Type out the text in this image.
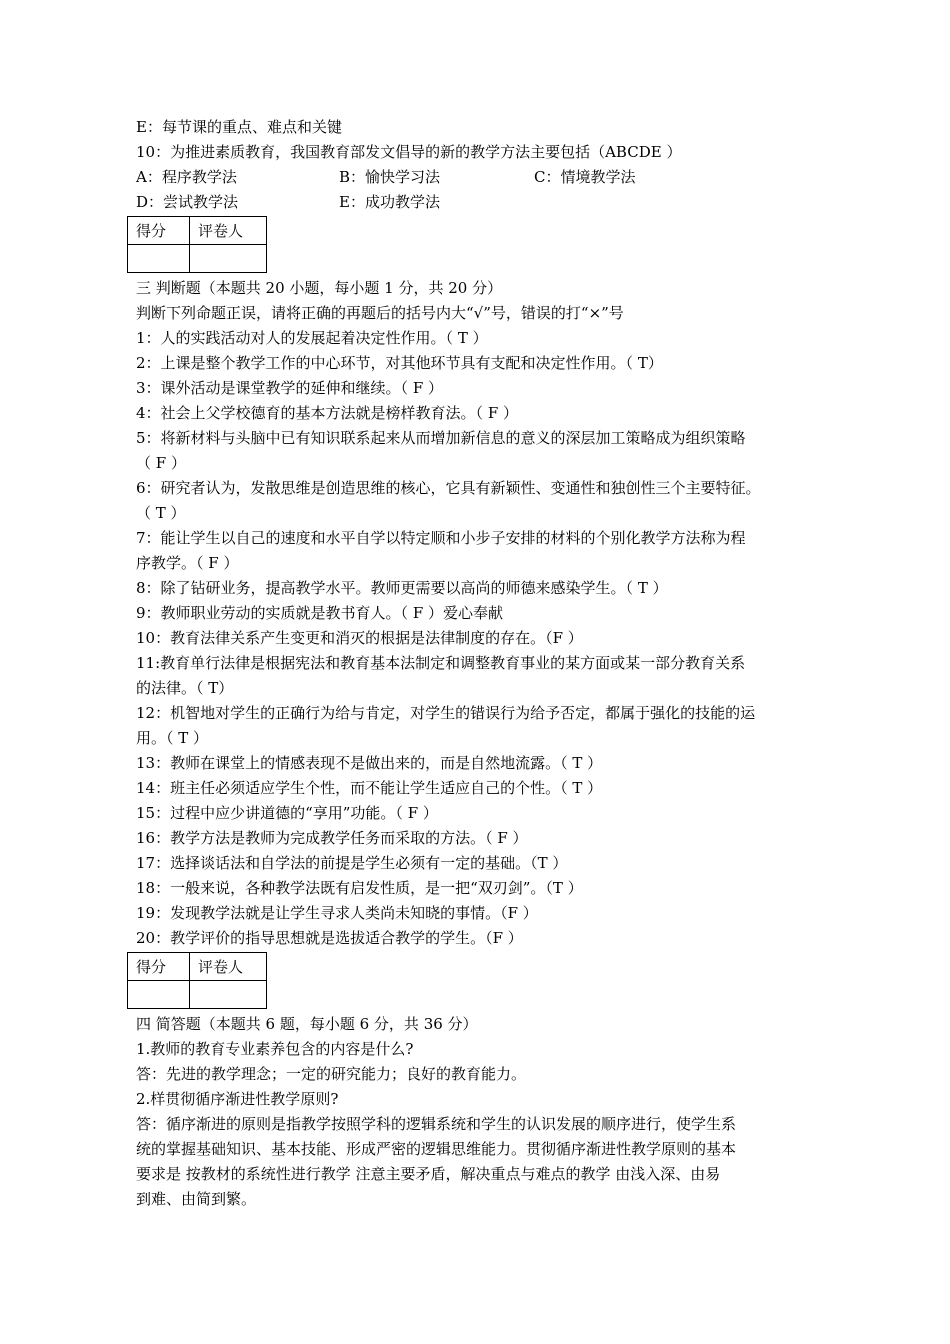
E：每节课的重点、难点和关键
10：为推进素质教育，我国教育部发文倡导的新的教学方法主要包括（ABCDE ）
A：程序教学法	B：愉快学习法	C：情境教学法
D：尝试教学法	E：成功教学法
得分	评卷人

三 判断题（本题共 20 小题，每小题 1 分，共 20 分）
判断下列命题正误，请将正确的再题后的括号内大“√”号，错误的打“×”号
1：人的实践活动对人的发展起着决定性作用。（ T ）
2：上课是整个教学工作的中心环节，对其他环节具有支配和决定性作用。（ T）
3：课外活动是课堂教学的延伸和继续。（ F ）
4：社会上父学校德育的基本方法就是榜样教育法。（ F ）
5：将新材料与头脑中已有知识联系起来从而增加新信息的意义的深层加工策略成为组织策略
（ F ）
6：研究者认为，发散思维是创造思维的核心，它具有新颖性、变通性和独创性三个主要特征。
（ T ）
7：能让学生以自己的速度和水平自学以特定顺和小步子安排的材料的个别化教学方法称为程
序教学。（ F ）
8：除了钻研业务，提高教学水平。教师更需要以高尚的师德来感染学生。（ T ）
9：教师职业劳动的实质就是教书育人。（ F ）爱心奉献
10：教育法律关系产生变更和消灭的根据是法律制度的存在。（F ）
11:教育单行法律是根据宪法和教育基本法制定和调整教育事业的某方面或某一部分教育关系
的法律。（ T）
12：机智地对学生的正确行为给与肯定，对学生的错误行为给予否定，都属于强化的技能的运
用。（ T ）
13：教师在课堂上的情感表现不是做出来的，而是自然地流露。（ T ）
14：班主任必须适应学生个性，而不能让学生适应自己的个性。（ T ）
15：过程中应少讲道德的“享用”功能。（ F ）
16：教学方法是教师为完成教学任务而采取的方法。（ F ）
17：选择谈话法和自学法的前提是学生必须有一定的基础。（T ）
18：一般来说，各种教学法既有启发性质，是一把“双刃剑”。（T ）
19：发现教学法就是让学生寻求人类尚未知晓的事情。（F ）
20：教学评价的指导思想就是选拔适合教学的学生。（F ）
得分	评卷人

四 简答题（本题共 6 题，每小题 6 分，共 36 分）
1.教师的教育专业素养包含的内容是什么?
答：先进的教学理念；一定的研究能力；良好的教育能力。
2.样贯彻循序渐进性教学原则?
答：循序渐进的原则是指教学按照学科的逻辑系统和学生的认识发展的顺序进行，使学生系
统的掌握基础知识、基本技能、形成严密的逻辑思维能力。贯彻循序渐进性教学原则的基本
要求是 按教材的系统性进行教学 注意主要矛盾，解决重点与难点的教学 由浅入深、由易
到难、由简到繁。
